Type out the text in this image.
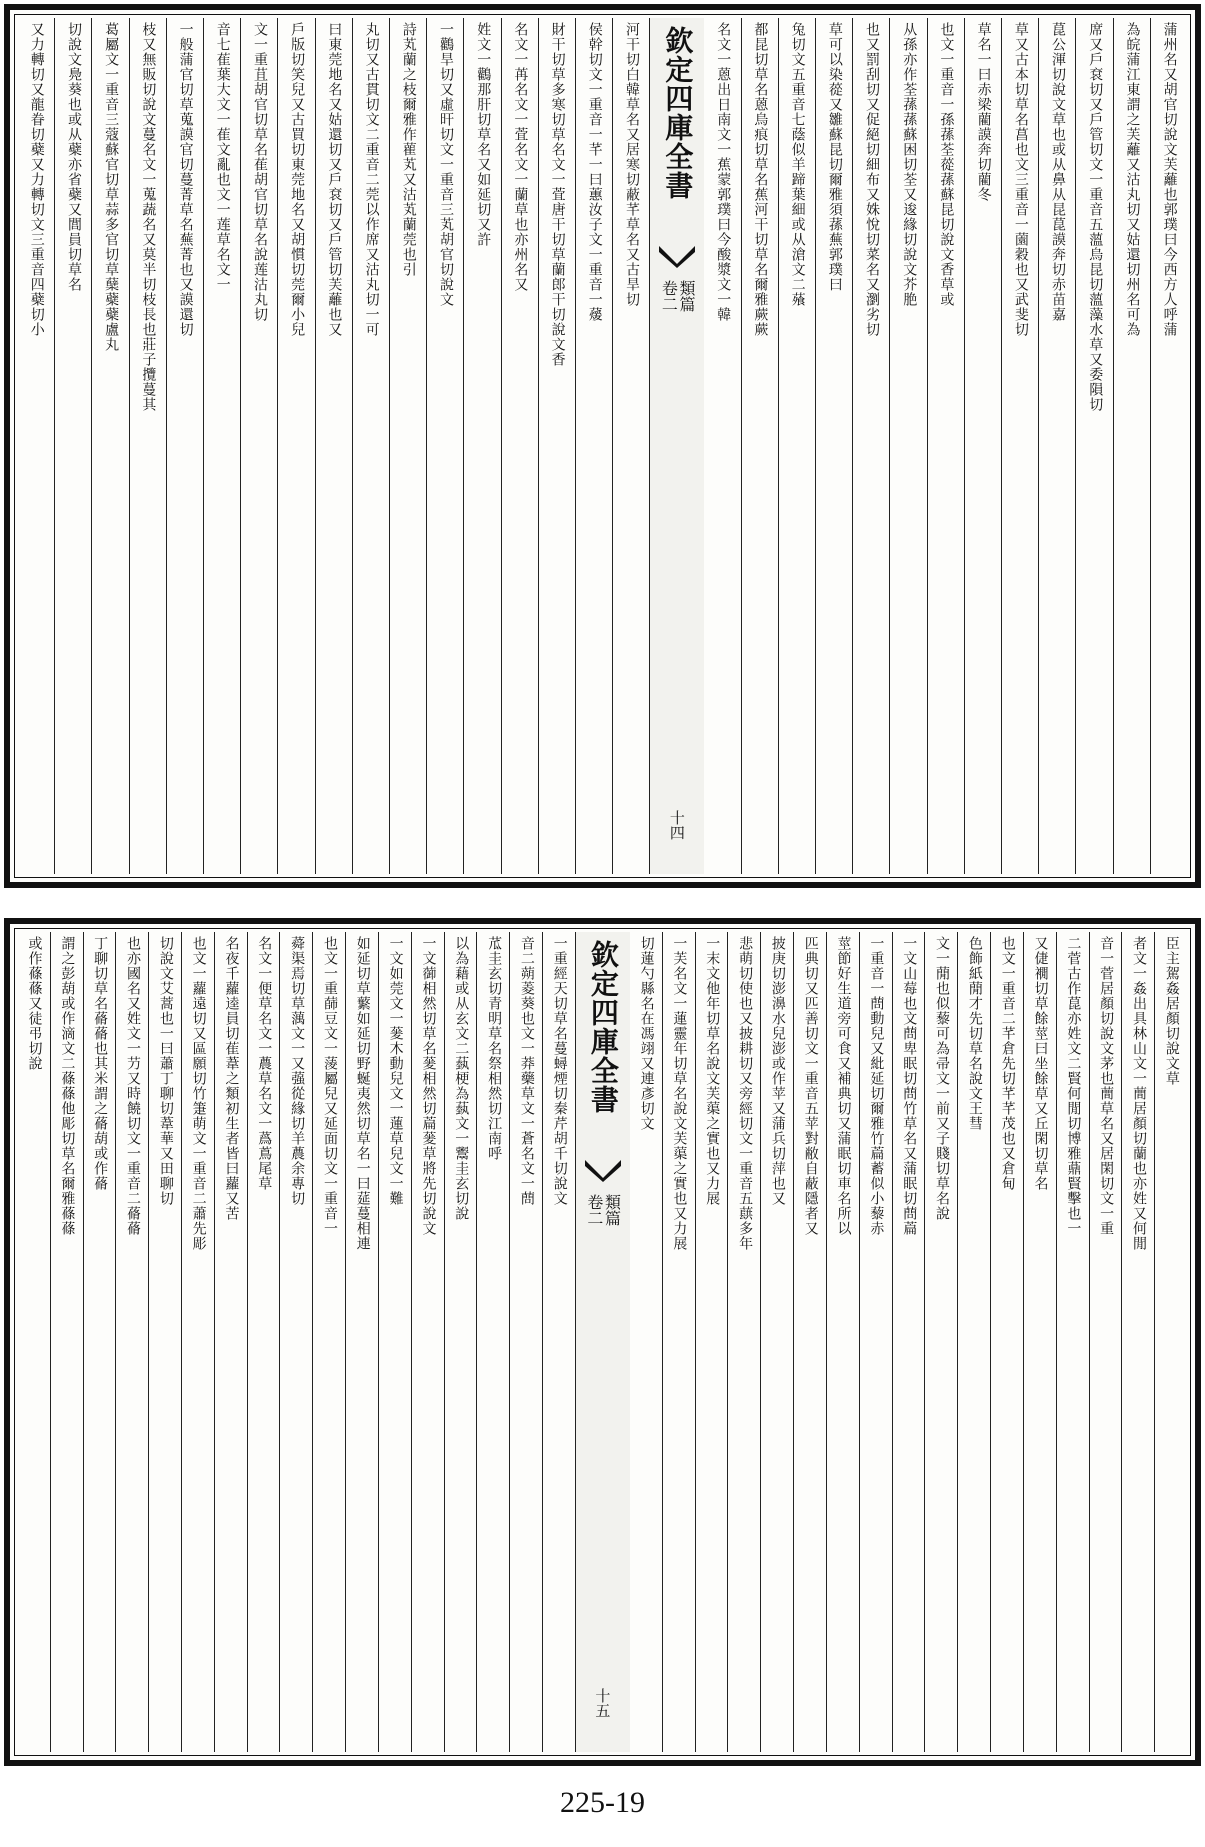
蒲州名又胡官切說文芙蘺也郭璞曰今西方人呼蒲
為皖蒲江東謂之芙蘺又沽丸切又姑還切州名可為
席又戶袞切又戶管切文一重音五薀烏昆切薀藻水草又委隕切
菎公渾切說文草也或从鼻从昆菎謨奔切赤苗嘉
草又古本切草名菖也文三重音一薗穀也又武斐切
草名一曰赤梁藺謨奔切藺冬
也文一重音一孫蓀荃蓯蓀蘇昆切說文香草或
从孫亦作荃蓀蓀蘇困切荃又逡緣切說文芥脃
也又罰刮切又促絕切細布又姝悅切菜名又瀏劣切
草可以染蓯又雛蘇昆切爾雅須蓀蕪郭璞曰
兔切文五重音七蔭似羊蹄葉細或从滄文二蕵
都昆切草名蒽烏痕切草名蕉河干切草名爾雅蕨蕨
名文一蒽出日南文一蕉蒙郭璞曰今酸漿文一韓
欽定四庫全書
類篇
卷二
十四
河干切白韓草名又居寒切蔽芊草名又古旱切
侯幹切文一重音一芊一曰蕙汝子文一重音一蕿
財干切草多寒切草名文一萓唐干切草蘭郎干切說文香
名文一苒名文一萓名文一蘭草也亦州名又
姓文一鸛那肝切草名又如延切又許
一鸛旱切又虛旰切文一重音三芄胡官切說文
詩芄蘭之枝爾雅作雚芄又沽芄蘭莞也引
丸切又古貫切文二重音二莞以作席又沽丸切一可
曰東莞地名又姑還切又戶袞切又戶管切芙蘺也又
戶版切笑兒又古買切東莞地名又胡慣切莞爾小兒
文一重苴胡官切草名萑胡官切草名說莲沽丸切
音七萑葉大文一萑文亂也文一莲草名文一
一般蒲官切草蒐謨官切蔓菁草名蕪菁也又謨還切
枝又無販切說文蔓名文一蒐蔬名又莫半切枝長也莊子攬蔓其
葛屬文一重音三蔻蘇官切草蒜多官切草蘖蘗蘗盧丸
切說文鳧葵也或从蘗亦省蘗又閭員切草名
又力轉切又龍眷切蘗又力轉切文三重音四蘗切小
臣主駕姦居顏切說文草
者文一姦出具林山文一蕳居顏切蘭也亦姓又何閒
音一菅居顏切說文茅也蕳草名又居閑切文一重
二菅古作菎亦姓文二賢何閒切博雅薡賢擊也一
又倢襉切草餘莖曰坐餘草又丘閑切草名
也文一重音二芊倉先切芊芊茂也又倉甸
色飾紙蕑才先切草名說文王彗
文一蕑也似藜可為帚文一前又子賤切草名說
一文山莓也文蔄卑眠切蔄竹草名又蒲眠切蔄萹
一重音一蔄動兒又紕延切爾雅竹萹蓄似小藜赤
莖節好生道旁可食又補典切又蒲眠切車名所以
匹典切又匹善切文一重音五苹對敝自蔽隱者又
披庚切澎濞水兒澎或作苹又蒲兵切萍也又
悲萌切使也又披耕切又旁經切文一重音五蕻多年
一末文他年切草名說文芙蕖之實也又力展
一芙名文一蓮靈年切草名說文芙蕖之實也又力展
切蓮勺縣名在馮翊又連彥切文
欽定四庫全書
類篇
卷二
十五
一重經天切草名蔓蟳煙切秦芹胡千切說文
音二蒴菱葵也文一莽藥草文一蒼名文一蔄
苽圭玄切青明草名祭相然切江南呼
以為藉或从玄文二蓺梗為蓺文一鬻圭玄切說
一文蓹相然切草名蓌相然切萹蓌草將先切說文
一文如莞文一蓌木動兒文一蓮草兒文一難
如延切草蘩如延切野蜒夷然切草名一曰莚蔓相連
也文一重蒒豆文一蔆屬兒又延面切文一重音一
蕣渠焉切草蕅文一又蔃從緣切羊蕽余專切
名文一便草名文一蕽草名文一蔿蔦尾草
名夜千蘿逵員切萑葦之類初生者皆曰蘿又苦
也文一蘿遠切又區願切竹箑萌文一重音二蕭先彫
切說文艾蒿也一曰蕭丁聊切葦華又田聊切
也亦國名又姓文一芀又時饒切文一重音二蓨蓨
丁聊切草名蓨蓨也其米謂之蓨葫或作蓨
謂之彭葫或作滴文二蓧蓧他彫切草名爾雅蓧蓧
或作蓧蓧又徒弔切說
225-19
